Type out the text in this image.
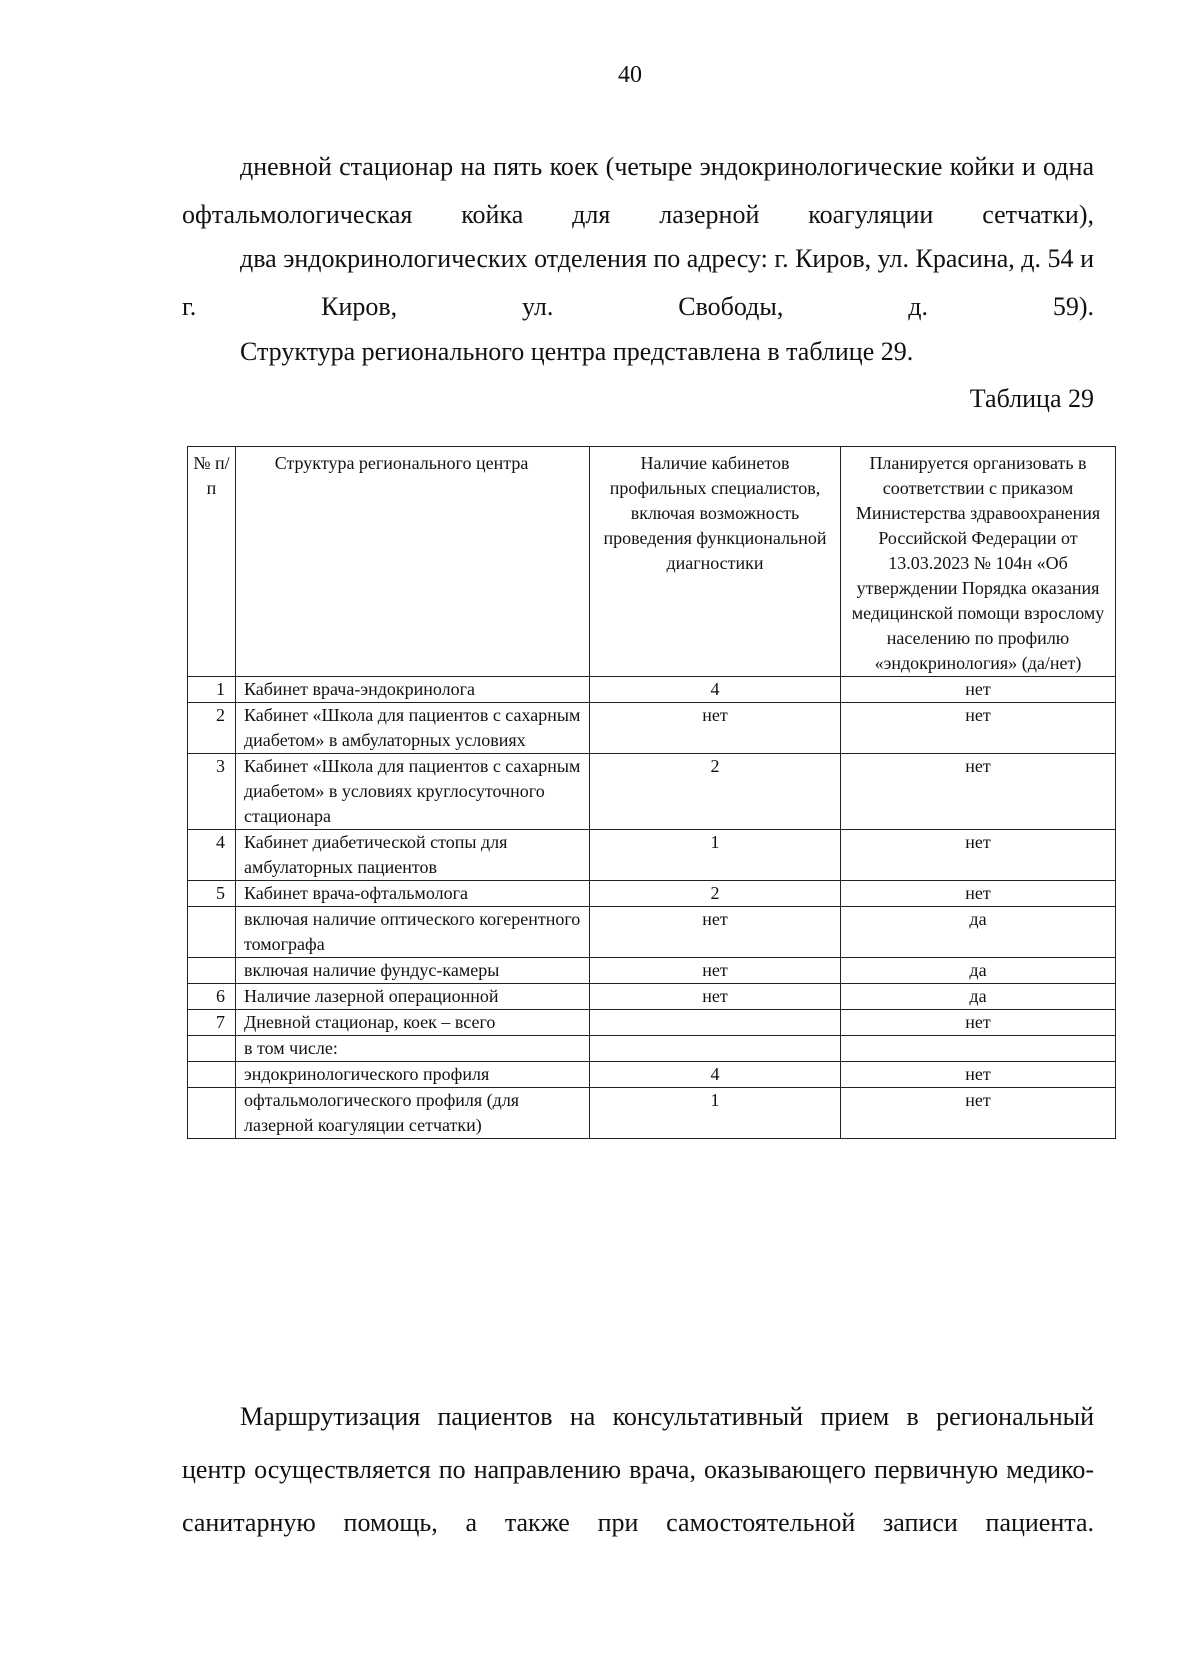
40

дневной стационар на пять коек (четыре эндокринологические койки и одна офтальмологическая койка для лазерной коагуляции сетчатки),

два эндокринологических отделения по адресу: г. Киров, ул. Красина, д. 54 и г. Киров, ул. Свободы, д. 59).

Структура регионального центра представлена в таблице 29.

Таблица 29
№ п/п	Структура регионального центра	Наличие кабинетов профильных специалистов, включая возможность проведения функциональной диагностики	Планируется организовать в соответствии с приказом Министерства здравоохранения Российской Федерации от 13.03.2023 № 104н «Об утверждении Порядка оказания медицинской помощи взрослому населению по профилю «эндокринология» (да/нет)
1	Кабинет врача-эндокринолога	4	нет
2	Кабинет «Школа для пациентов с сахарным диабетом» в амбулаторных условиях	нет	нет
3	Кабинет «Школа для пациентов с сахарным диабетом» в условиях круглосуточного стационара	2	нет
4	Кабинет диабетической стопы для амбулаторных пациентов	1	нет
5	Кабинет врача-офтальмолога	2	нет
	включая наличие оптического когерентного томографа	нет	да
	включая наличие фундус-камеры	нет	да
6	Наличие лазерной операционной	нет	да
7	Дневной стационар, коек – всего		нет
	в том числе:		
	эндокринологического профиля	4	нет
	офтальмологического профиля (для лазерной коагуляции сетчатки)	1	нет

Маршрутизация пациентов на консультативный прием в региональный центр осуществляется по направлению врача, оказывающего первичную медико-санитарную помощь, а также при самостоятельной записи пациента.
